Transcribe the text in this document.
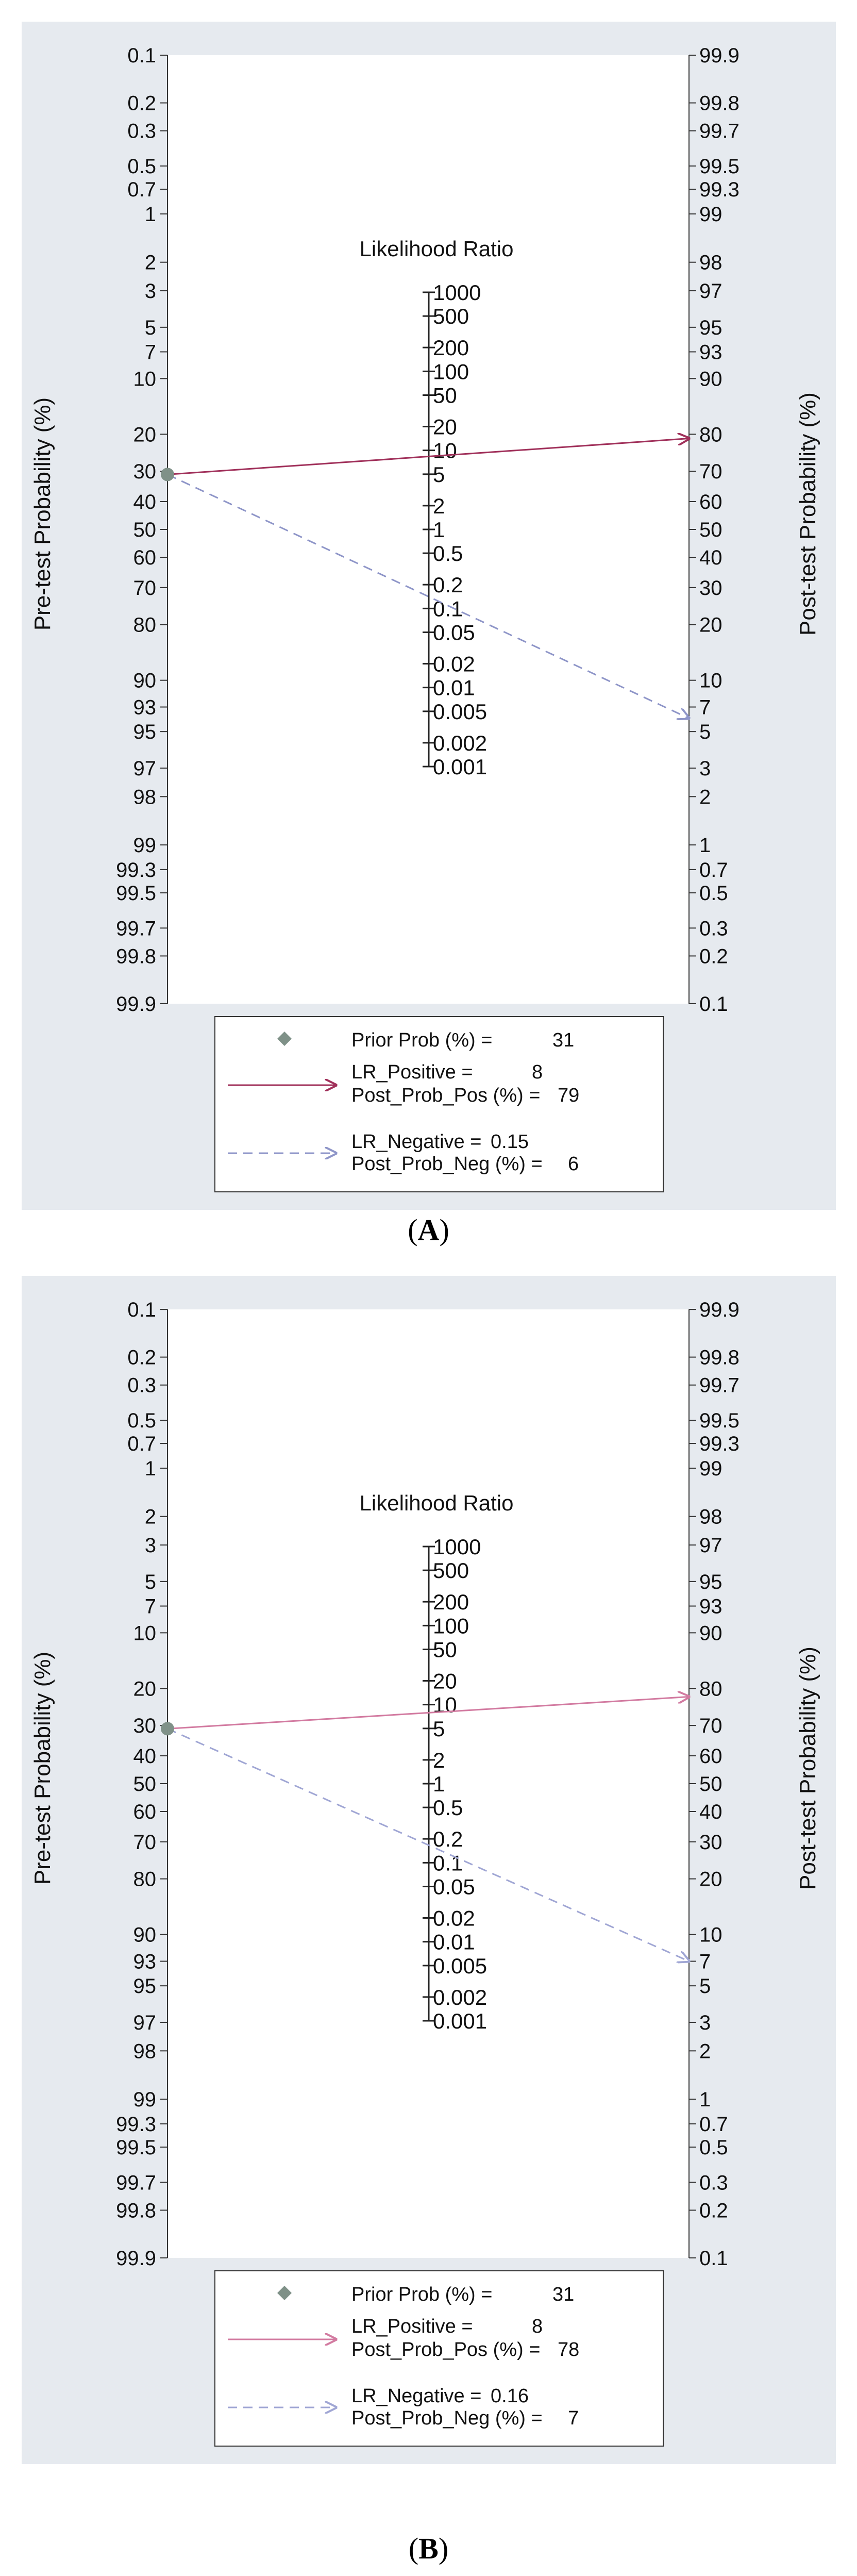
0.1
0.2
0.3
0.5
0.7
1
2
3
5
7
10
20
30
40
50
60
70
80
90
93
95
97
98
99
99.3
99.5
99.7
99.8
99.9
99.9
99.8
99.7
99.5
99.3
99
98
97
95
93
90
80
70
60
50
40
30
20
10
7
5
3
2
1
0.7
0.5
0.3
0.2
0.1
Pre-test Probability (%)	Post-test Probability (%)
Likelihood Ratio
1000
500
200
100
50
20
10
5
2
1
0.5
0.2
0.1
0.05
0.02
0.01
0.005
0.002
0.001
Prior Prob (%) =	31
LR_Positive =	8
Post_Prob_Pos (%) = 79
LR_Negative = 0.15
Post_Prob_Neg (%) = 6
(A)
0.1
0.2
0.3
0.5
0.7
1
2
3
5
7
10
20
30
40
50
60
70
80
90
93
95
97
98
99
99.3
99.5
99.7
99.8
99.9
99.9
99.8
99.7
99.5
99.3
99
98
97
95
93
90
80
70
60
50
40
30
20
10
7
5
3
2
1
0.7
0.5
0.3
0.2
0.1
Pre-test Probability (%)	Post-test Probability (%)
Likelihood Ratio
1000
500
200
100
50
20
10
5
2
1
0.5
0.2
0.1
0.05
0.02
0.01
0.005
0.002
0.001
Prior Prob (%) =	31
LR_Positive =	8
Post_Prob_Pos (%) = 78
LR_Negative = 0.16
Post_Prob_Neg (%) = 7
(B)
